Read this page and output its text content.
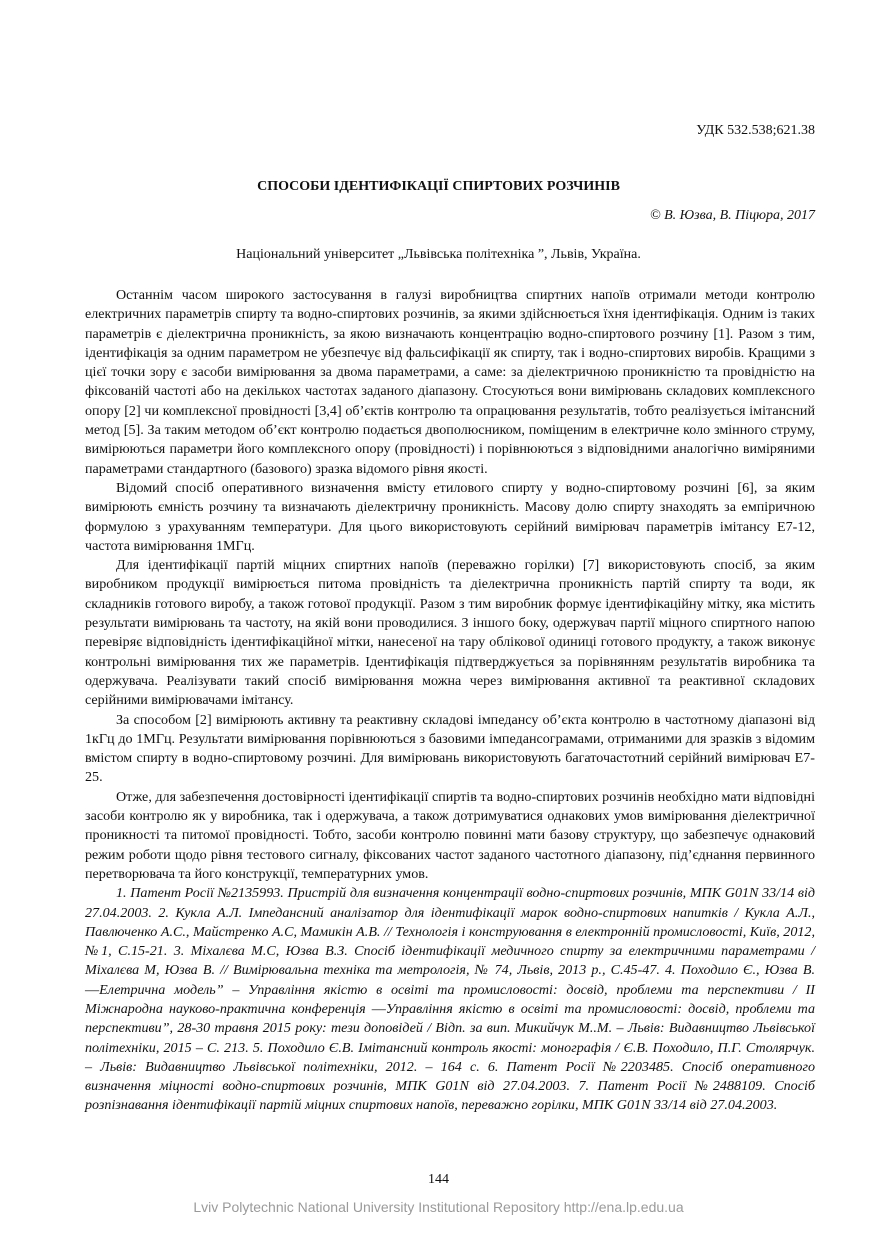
УДК 532.538;621.38
СПОСОБИ ІДЕНТИФІКАЦІЇ СПИРТОВИХ РОЗЧИНІВ
© В. Юзва, В. Піцюра, 2017
Національний університет „Львівська політехніка ”, Львів, Україна.

Останнім часом широкого застосування в галузі виробництва спиртних напоїв отримали методи контролю електричних параметрів спирту та водно-спиртових розчинів, за якими здійснюється їхня ідентифікація. Одним із таких параметрів є діелектрична проникність, за якою визначають концентрацію водно-спиртового розчину [1]. Разом з тим, ідентифікація за одним параметром не убезпечує від фальсифікації як спирту, так і водно-спиртових виробів. Кращими з цієї точки зору є засоби вимірювання за двома параметрами, а саме: за діелектричною проникністю та провідністю на фіксованій частоті або на декількох частотах заданого діапазону. Стосуються вони вимірювань складових комплексного опору [2] чи комплексної провідності [3,4] об’єктів контролю та опрацювання результатів, тобто реалізується імітансний метод [5]. За таким методом об’єкт контролю подається двополюсником, поміщеним в електричне коло змінного струму, вимірюються параметри його комплексного опору (провідності) і порівнюються з відповідними аналогічно виміряними параметрами стандартного (базового) зразка відомого рівня якості.

Відомий спосіб оперативного визначення вмісту етилового спирту у водно-спиртовому розчині [6], за яким вимірюють ємність розчину та визначають діелектричну проникність. Масову долю спирту знаходять за емпіричною формулою з урахуванням температури. Для цього використовують серійний вимірювач параметрів імітансу Е7-12, частота вимірювання 1МГц.

Для ідентифікації партій міцних спиртних напоїв (переважно горілки) [7] використовують спосіб, за яким виробником продукції вимірюється питома провідність та діелектрична проникність партій спирту та води, як складників готового виробу, а також готової продукції. Разом з тим виробник формує ідентифікаційну мітку, яка містить результати вимірювань та частоту, на якій вони проводилися. З іншого боку, одержувач партії міцного спиртного напою перевіряє відповідність ідентифікаційної мітки, нанесеної на тару облікової одиниці готового продукту, а також виконує контрольні вимірювання тих же параметрів. Ідентифікація підтверджується за порівнянням результатів виробника та одержувача. Реалізувати такий спосіб вимірювання можна через вимірювання активної та реактивної складових серійними вимірювачами імітансу.

За способом [2] вимірюють активну та реактивну складові імпедансу об’єкта контролю в частотному діапазоні від 1кГц до 1МГц. Результати вимірювання порівнюються з базовими імпедансограмами, отриманими для зразків з відомим вмістом спирту в водно-спиртовому розчині. Для вимірювань використовують багаточастотний серійний вимірювач Е7-25.

Отже, для забезпечення достовірності ідентифікації спиртів та водно-спиртових розчинів необхідно мати відповідні засоби контролю як у виробника, так і одержувача, а також дотримуватися однакових умов вимірювання діелектричної проникності та питомої провідності. Тобто, засоби контролю повинні мати базову структуру, що забезпечує однаковий режим роботи щодо рівня тестового сигналу, фіксованих частот заданого частотного діапазону, під’єднання первинного перетворювача та його конструкції, температурних умов.

1. Патент Росії №2135993. Пристрій для визначення концентрації водно-спиртових розчинів, МПК G01N 33/14 від 27.04.2003. 2. Кукла А.Л. Імпедансний аналізатор для ідентифікації марок водно-спиртових напитків / Кукла А.Л., Павлюченко А.С., Майстренко А.С, Мамикін А.В. // Технологія і конструювання в електронній промисловості, Київ, 2012, №1, С.15-21. 3. Міхалєва М.С, Юзва В.З. Спосіб ідентифікації медичного спирту за електричними параметрами / Міхалєва М, Юзва В. // Вимірювальна техніка та метрологія, № 74, Львів, 2013 р., С.45-47. 4. Походило Є., Юзва В. ―Елетрична модель” – Управління якістю в освіті та промисловості: досвід, проблеми та перспективи / ІІ Міжнародна науково-практична конференція ―Управління якістю в освіті та промисловості: досвід, проблеми та перспективи”, 28-30 травня 2015 року: тези доповідей / Відп. за вип. Микийчук М..М. – Львів: Видавництво Львівської політехніки, 2015 – С. 213. 5. Походило Є.В. Імітансний контроль якості: монографія / Є.В. Походило, П.Г. Столярчук. – Львів: Видавництво Львівської політехніки, 2012. – 164 с. 6. Патент Росії №2203485. Спосіб оперативного визначення міцності водно-спиртових розчинів, МПК G01N від 27.04.2003. 7. Патент Росії №2488109. Спосіб розпізнавання ідентифікації партій міцних спиртових напоїв, переважно горілки, МПК G01N 33/14 від 27.04.2003.

144
Lviv Polytechnic National University Institutional Repository http://ena.lp.edu.ua
